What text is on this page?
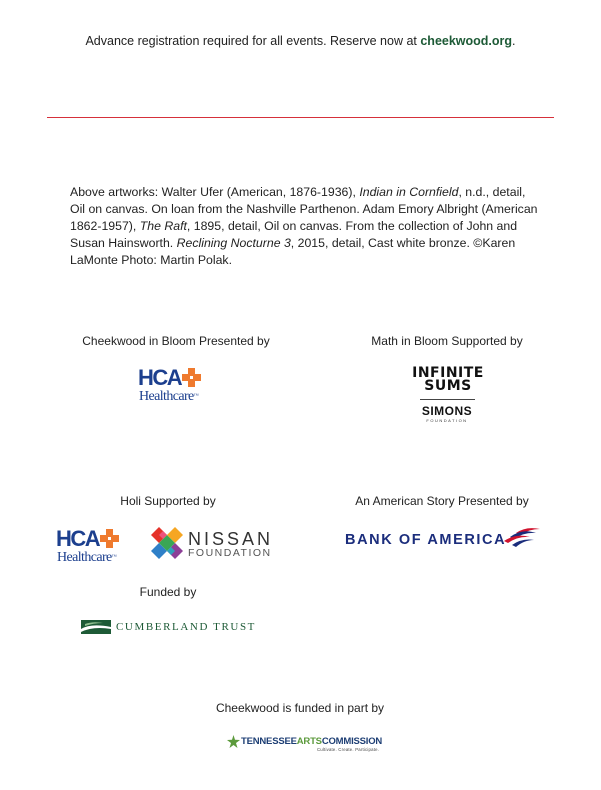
Advance registration required for all events. Reserve now at cheekwood.org.
Above artworks: Walter Ufer (American, 1876-1936), Indian in Cornfield, n.d., detail, Oil on canvas. On loan from the Nashville Parthenon. Adam Emory Albright (American 1862-1957), The Raft, 1895, detail, Oil on canvas. From the collection of John and Susan Hainsworth. Reclining Nocturne 3, 2015, detail, Cast white bronze. ©Karen LaMonte Photo: Martin Polak.
Cheekwood in Bloom Presented by
HCA
Healthcare™
Math in Bloom Supported by
INFINITE
SUMS
SIMONS
FOUNDATION
Holi Supported by
HCA
Healthcare™
NISSAN
FOUNDATION
An American Story Presented by
BANK OF AMERICA
Funded by
CUMBERLAND TRUST
Cheekwood is funded in part by
TENNESSEEARTSCOMMISSION
Cultivate. Create. Participate.
